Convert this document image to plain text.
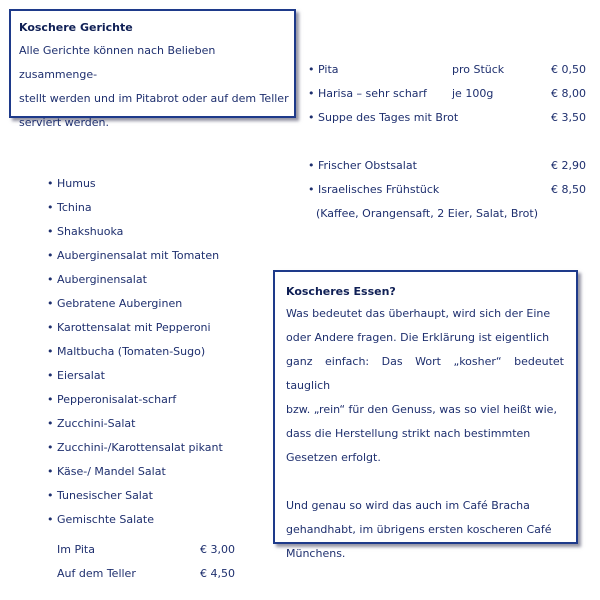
Koschere Gerichte
Alle Gerichte können nach Belieben zusammenge-
stellt werden und im Pitabrot oder auf dem Teller
serviert werden.
• Pita	pro Stück	€ 0,50
• Harisa – sehr scharf je 100g	€ 8,00
• Suppe des Tages mit Brot	€ 3,50
• Frischer Obstsalat	€ 2,90
• Israelisches Frühstück	€ 8,50
(Kaffee, Orangensaft, 2 Eier, Salat, Brot)
• Humus
• Tchina
• Shakshuoka
• Auberginensalat mit Tomaten
• Auberginensalat
• Gebratene Auberginen
• Karottensalat mit Pepperoni
• Maltbucha (Tomaten-Sugo)
• Eiersalat
• Pepperonisalat-scharf
• Zucchini-Salat
• Zucchini-/Karottensalat pikant
• Käse-/ Mandel Salat
• Tunesischer Salat
• Gemischte Salate
Im Pita	€ 3,00
Auf dem Teller	€ 4,50
Koscheres Essen?
Was bedeutet das überhaupt, wird sich der Eine
oder Andere fragen. Die Erklärung ist eigentlich
ganz einfach: Das Wort „kosher“ bedeutet tauglich
bzw. „rein“ für den Genuss, was so viel heißt wie,
dass die Herstellung strikt nach bestimmten
Gesetzen erfolgt.
Und genau so wird das auch im Café Bracha
gehandhabt, im übrigens ersten koscheren Café
Münchens.
